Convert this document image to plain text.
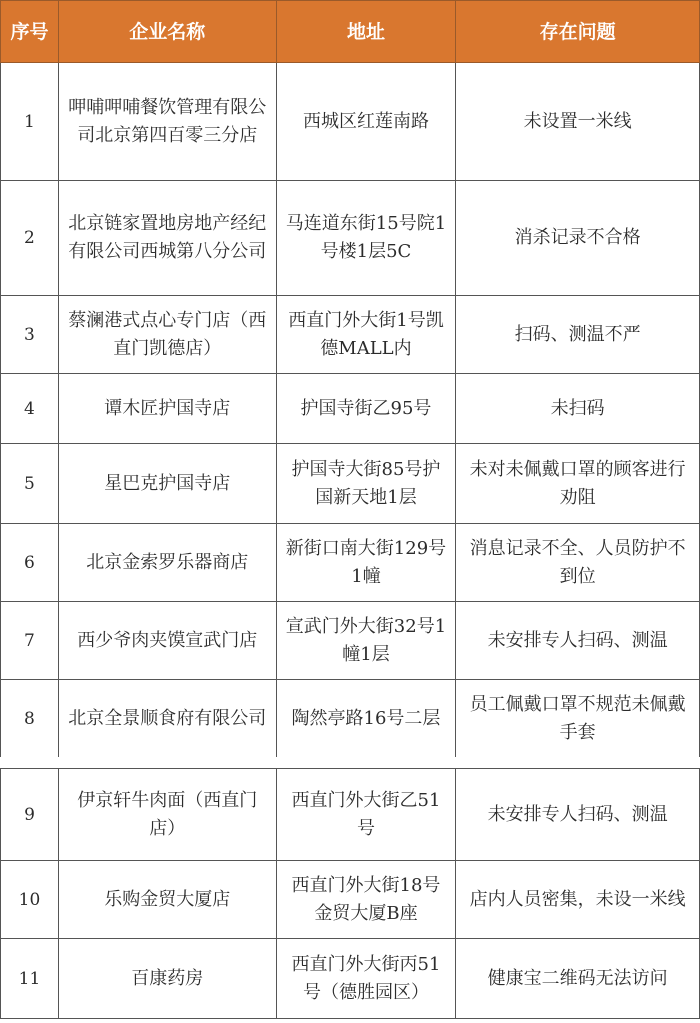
序号	企业名称	地址	存在问题
1	呷哺呷哺餐饮管理有限公司北京第四百零三分店	西城区红莲南路	未设置一米线
2	北京链家置地房地产经纪有限公司西城第八分公司	马连道东街15号院1号楼1层5C	消杀记录不合格
3	蔡澜港式点心专门店（西直门凯德店）	西直门外大街1号凯德MALL内	扫码、测温不严
4	谭木匠护国寺店	护国寺街乙95号	未扫码
5	星巴克护国寺店	护国寺大街85号护国新天地1层	未对未佩戴口罩的顾客进行劝阻
6	北京金索罗乐器商店	新街口南大街129号1幢	消息记录不全、人员防护不到位
7	西少爷肉夹馍宣武门店	宣武门外大街32号1幢1层	未安排专人扫码、测温
8	北京全景顺食府有限公司	陶然亭路16号二层	员工佩戴口罩不规范未佩戴手套
9	伊京轩牛肉面（西直门店）	西直门外大街乙51号	未安排专人扫码、测温
10	乐购金贸大厦店	西直门外大街18号金贸大厦B座	店内人员密集，未设一米线
11	百康药房	西直门外大街丙51号（德胜园区）	健康宝二维码无法访问
